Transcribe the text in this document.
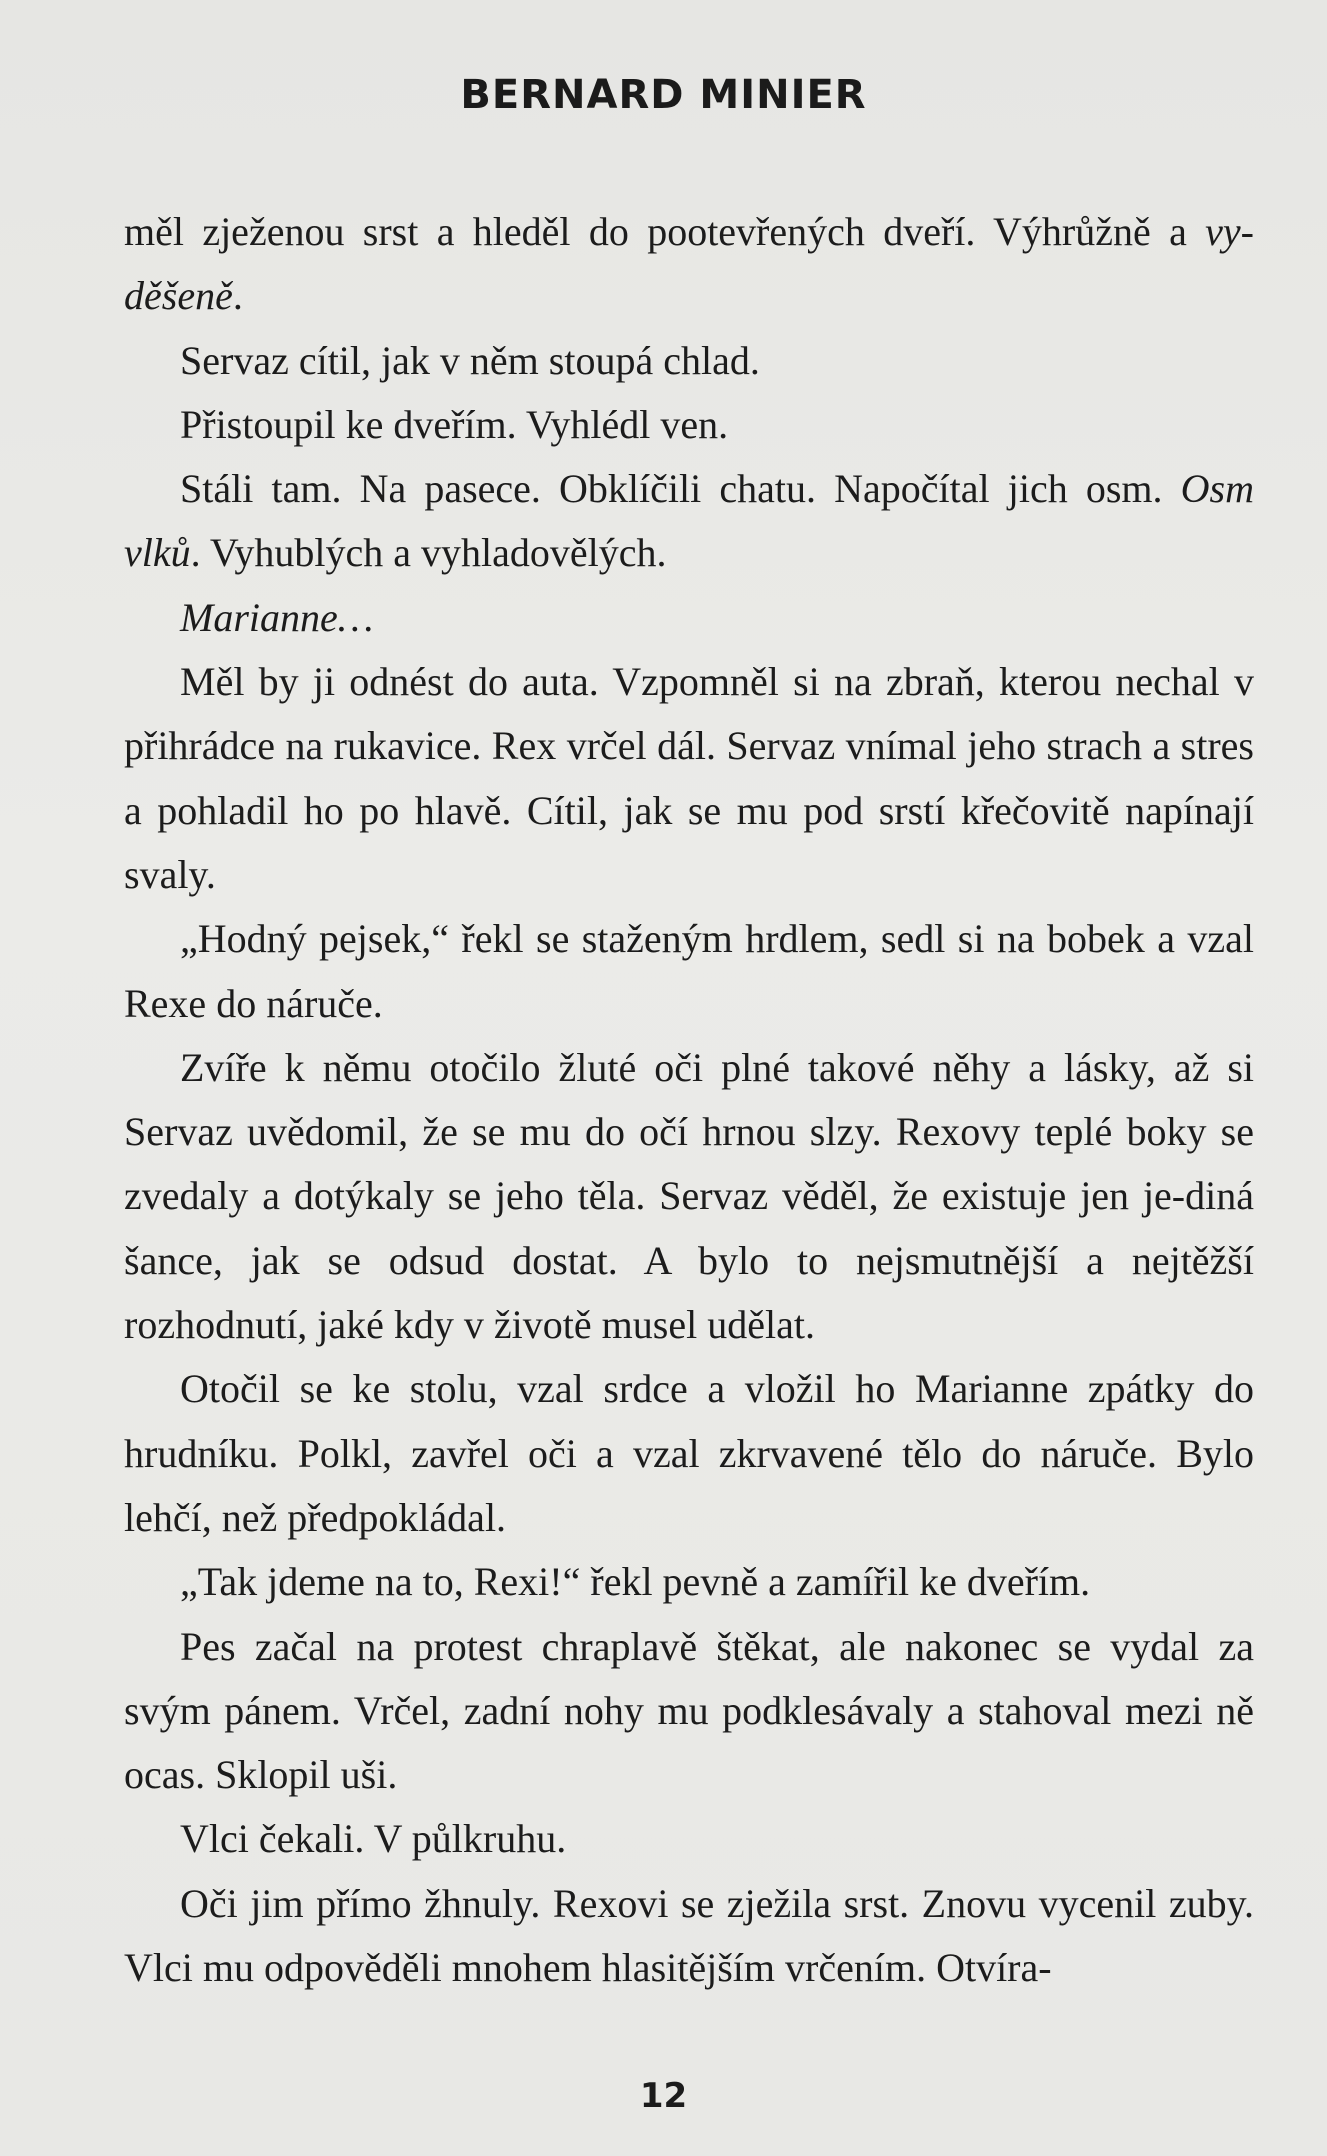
BERNARD MINIER

měl zježenou srst a hleděl do pootevřených dveří. Výhrůžně a vy-děšeně.

Servaz cítil, jak v něm stoupá chlad.

Přistoupil ke dveřím. Vyhlédl ven.

Stáli tam. Na pasece. Obklíčili chatu. Napočítal jich osm. Osm vlků. Vyhublých a vyhladovělých.

Marianne…

Měl by ji odnést do auta. Vzpomněl si na zbraň, kterou nechal v přihrádce na rukavice. Rex vrčel dál. Servaz vnímal jeho strach a stres a pohladil ho po hlavě. Cítil, jak se mu pod srstí křečovitě napínají svaly.

„Hodný pejsek,“ řekl se staženým hrdlem, sedl si na bobek a vzal Rexe do náruče.

Zvíře k němu otočilo žluté oči plné takové něhy a lásky, až si Servaz uvědomil, že se mu do očí hrnou slzy. Rexovy teplé boky se zvedaly a dotýkaly se jeho těla. Servaz věděl, že existuje jen je-diná šance, jak se odsud dostat. A bylo to nejsmutnější a nejtěžší rozhodnutí, jaké kdy v životě musel udělat.

Otočil se ke stolu, vzal srdce a vložil ho Marianne zpátky do hrudníku. Polkl, zavřel oči a vzal zkrvavené tělo do náruče. Bylo lehčí, než předpokládal.

„Tak jdeme na to, Rexi!“ řekl pevně a zamířil ke dveřím.

Pes začal na protest chraplavě štěkat, ale nakonec se vydal za svým pánem. Vrčel, zadní nohy mu podklesávaly a stahoval mezi ně ocas. Sklopil uši.

Vlci čekali. V půlkruhu.

Oči jim přímo žhnuly. Rexovi se zježila srst. Znovu vycenil zuby. Vlci mu odpověděli mnohem hlasitějším vrčením. Otvíra-

12
